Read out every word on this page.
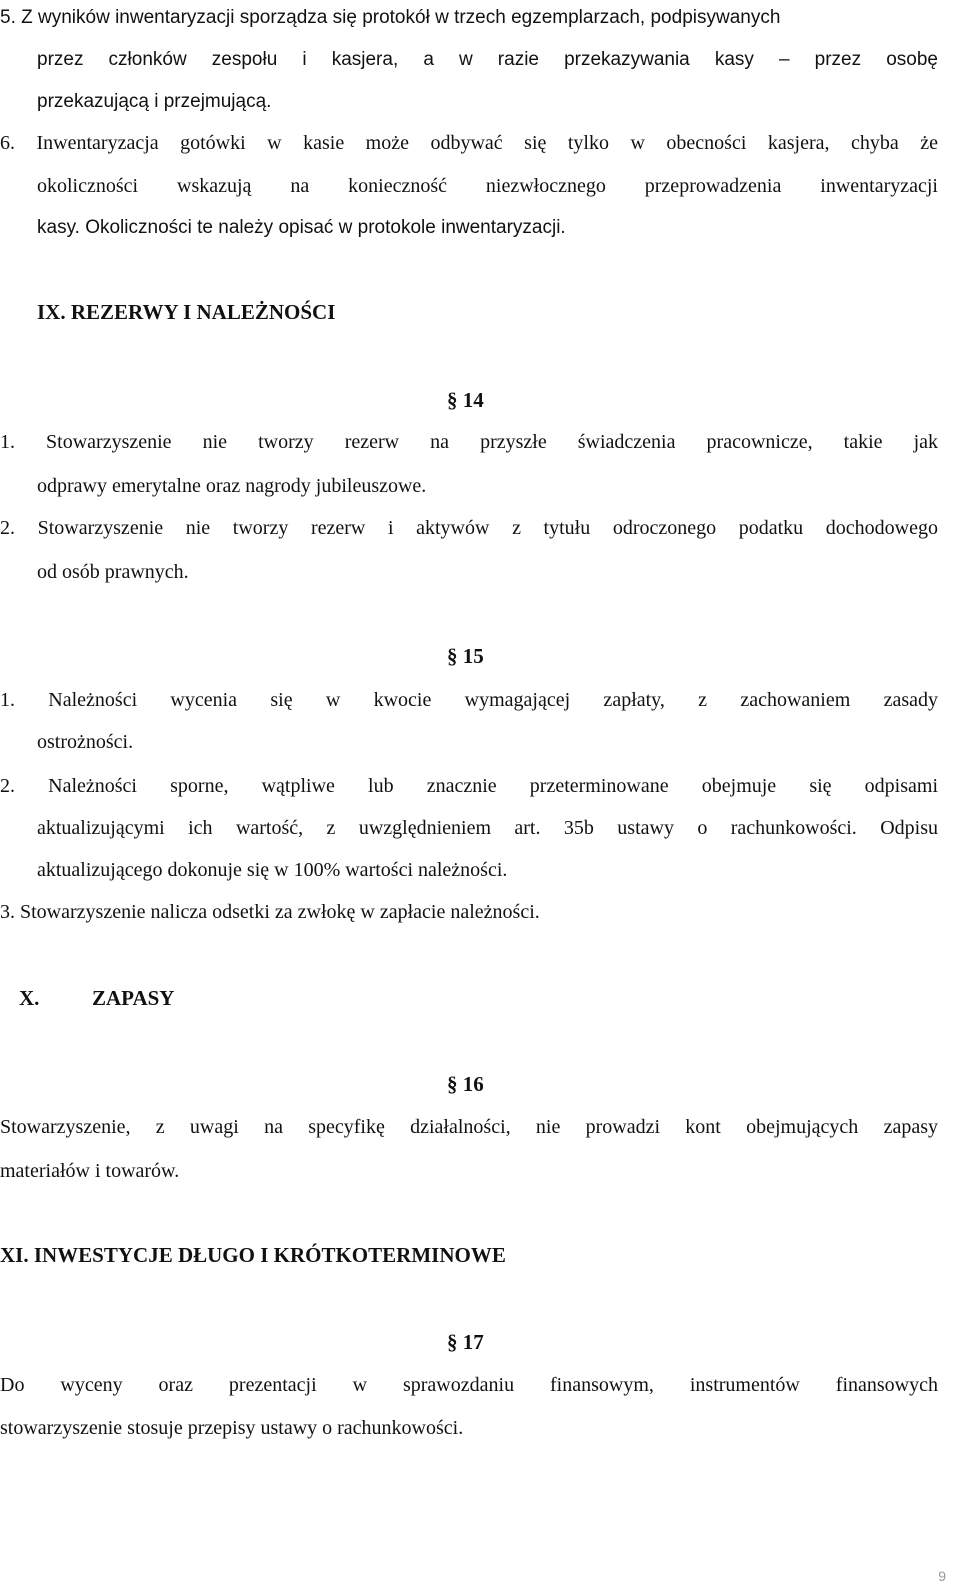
5. Z wyników inwentaryzacji sporządza się protokół w trzech egzemplarzach, podpisywanych
przez członków zespołu i kasjera, a w razie przekazywania kasy – przez osobę
przekazującą i przejmującą.
6. Inwentaryzacja gotówki w kasie może odbywać się tylko w obecności kasjera, chyba że
okoliczności wskazują na konieczność niezwłocznego przeprowadzenia inwentaryzacji
kasy. Okoliczności te należy opisać w protokole inwentaryzacji.
IX. REZERWY I NALEŻNOŚCI
§ 14
1. Stowarzyszenie nie tworzy rezerw na przyszłe świadczenia pracownicze, takie jak
odprawy emerytalne oraz nagrody jubileuszowe.
2. Stowarzyszenie nie tworzy rezerw i aktywów z tytułu odroczonego podatku dochodowego
od osób prawnych.
§ 15
1. Należności wycenia się w kwocie wymagającej zapłaty, z zachowaniem zasady
ostrożności.
2. Należności sporne, wątpliwe lub znacznie przeterminowane obejmuje się odpisami
aktualizującymi ich wartość, z uwzględnieniem art. 35b ustawy o rachunkowości. Odpisu
aktualizującego dokonuje się w 100% wartości należności.
3. Stowarzyszenie nalicza odsetki za zwłokę w zapłacie należności.
X.	ZAPASY
§ 16
Stowarzyszenie, z uwagi na specyfikę działalności, nie prowadzi kont obejmujących zapasy
materiałów i towarów.
XI. INWESTYCJE DŁUGO I KRÓTKOTERMINOWE
§ 17
Do wyceny oraz prezentacji w sprawozdaniu finansowym, instrumentów finansowych
stowarzyszenie stosuje przepisy ustawy o rachunkowości.
9
